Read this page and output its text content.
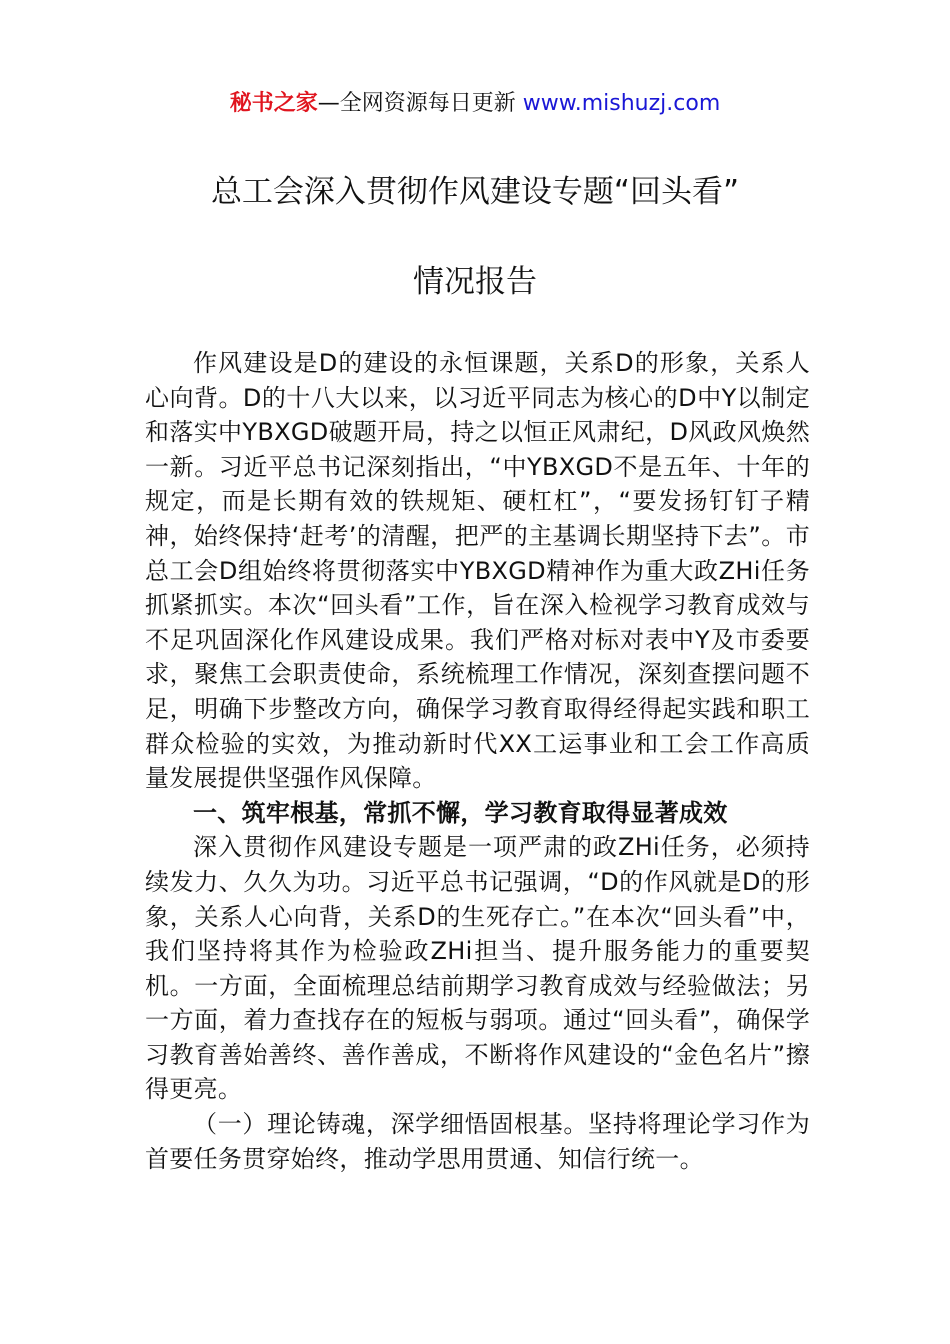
秘书之家—全网资源每日更新 www.mishuzj.com
总工会深入贯彻作风建设专题“回头看”
情况报告

作风建设是D的建设的永恒课题，关系D的形象，关系人心向背。D的十八大以来，以习近平同志为核心的D中Y以制定和落实中YBXGD破题开局，持之以恒正风肃纪，D风政风焕然一新。习近平总书记深刻指出，“中YBXGD不是五年、十年的规定，而是长期有效的铁规矩、硬杠杠”，“要发扬钉钉子精神，始终保持‘赶考’的清醒，把严的主基调长期坚持下去”。市总工会D组始终将贯彻落实中YBXGD精神作为重大政ZHi任务抓紧抓实。本次“回头看”工作，旨在深入检视学习教育成效与不足巩固深化作风建设成果。我们严格对标对表中Y及市委要求，聚焦工会职责使命，系统梳理工作情况，深刻查摆问题不足，明确下步整改方向，确保学习教育取得经得起实践和职工群众检验的实效，为推动新时代XX工运事业和工会工作高质量发展提供坚强作风保障。

一、筑牢根基，常抓不懈，学习教育取得显著成效

深入贯彻作风建设专题是一项严肃的政ZHi任务，必须持续发力、久久为功。习近平总书记强调，“D的作风就是D的形象，关系人心向背，关系D的生死存亡。”在本次“回头看”中，我们坚持将其作为检验政ZHi担当、提升服务能力的重要契机。一方面，全面梳理总结前期学习教育成效与经验做法；另一方面，着力查找存在的短板与弱项。通过“回头看”，确保学习教育善始善终、善作善成，不断将作风建设的“金色名片”擦得更亮。

（一）理论铸魂，深学细悟固根基。坚持将理论学习作为首要任务贯穿始终，推动学思用贯通、知信行统一。
